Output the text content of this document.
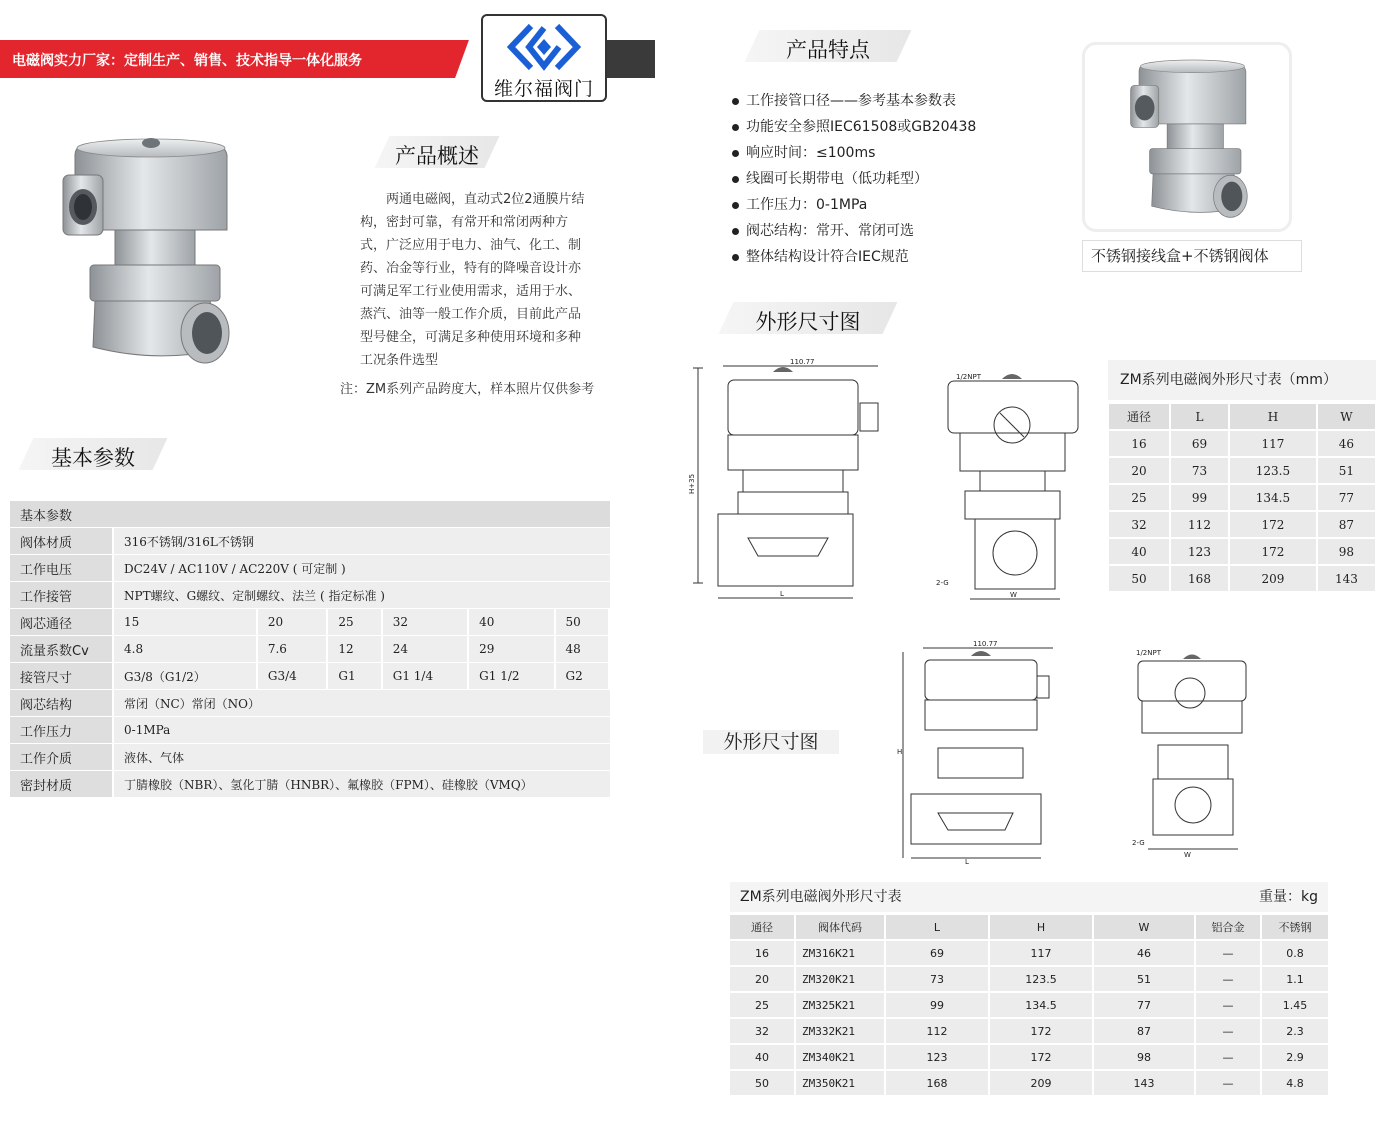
电磁阀实力厂家：定制生产、销售、技术指导一体化服务
维尔福阀门
产品概述

两通电磁阀，直动式2位2通膜片结构，密封可靠，有常开和常闭两种方式，广泛应用于电力、油气、化工、制药、冶金等行业，特有的降噪音设计亦可满足军工行业使用需求，适用于水、蒸汽、油等一般工作介质，目前此产品型号健全，可满足多种使用环境和多种工况条件选型

注：ZM系列产品跨度大，样本照片仅供参考
基本参数
基本参数						
阀体材质	316不锈钢/316L不锈钢					
工作电压	DC24V / AC110V / AC220V ( 可定制 )					
工作接管	NPT螺纹、G螺纹、定制螺纹、法兰 ( 指定标准 )					
阀芯通径	15	20	25	32	40	50
流量系数Cv	4.8	7.6	12	24	29	48
接管尺寸	G3/8（G1/2）	G3/4	G1	G1 1/4	G1 1/2	G2
阀芯结构	常闭（NC）常闭（NO）					
工作压力	0-1MPa					
工作介质	液体、气体					
密封材质	丁腈橡胶（NBR）、氢化丁腈（HNBR）、氟橡胶（FPM）、硅橡胶（VMQ）					
产品特点
工作接管口径——参考基本参数表
功能安全参照IEC61508或GB20438
响应时间：≤100ms
线圈可长期带电（低功耗型）
工作压力：0-1MPa
阀芯结构：常开、常闭可选
整体结构设计符合IEC规范	不锈钢接线盒+不锈钢阀体
外形尺寸图
110.77
H+35
L
1/2NPT
2-G
W
ZM系列电磁阀外形尺寸表（mm）
通径	L	H	W
16	69	117	46
20	73	123.5	51
25	99	134.5	77
32	112	172	87
40	123	172	98
50	168	209	143
外形尺寸图
110.77
H
L
1/2NPT
2-G
W
ZM系列电磁阀外形尺寸表	重量：kg
通径	阀体代码	L	H	W	铝合金	不锈钢
16	ZM316K21	69	117	46	—	0.8
20	ZM320K21	73	123.5	51	—	1.1
25	ZM325K21	99	134.5	77	—	1.45
32	ZM332K21	112	172	87	—	2.3
40	ZM340K21	123	172	98	—	2.9
50	ZM350K21	168	209	143	—	4.8
